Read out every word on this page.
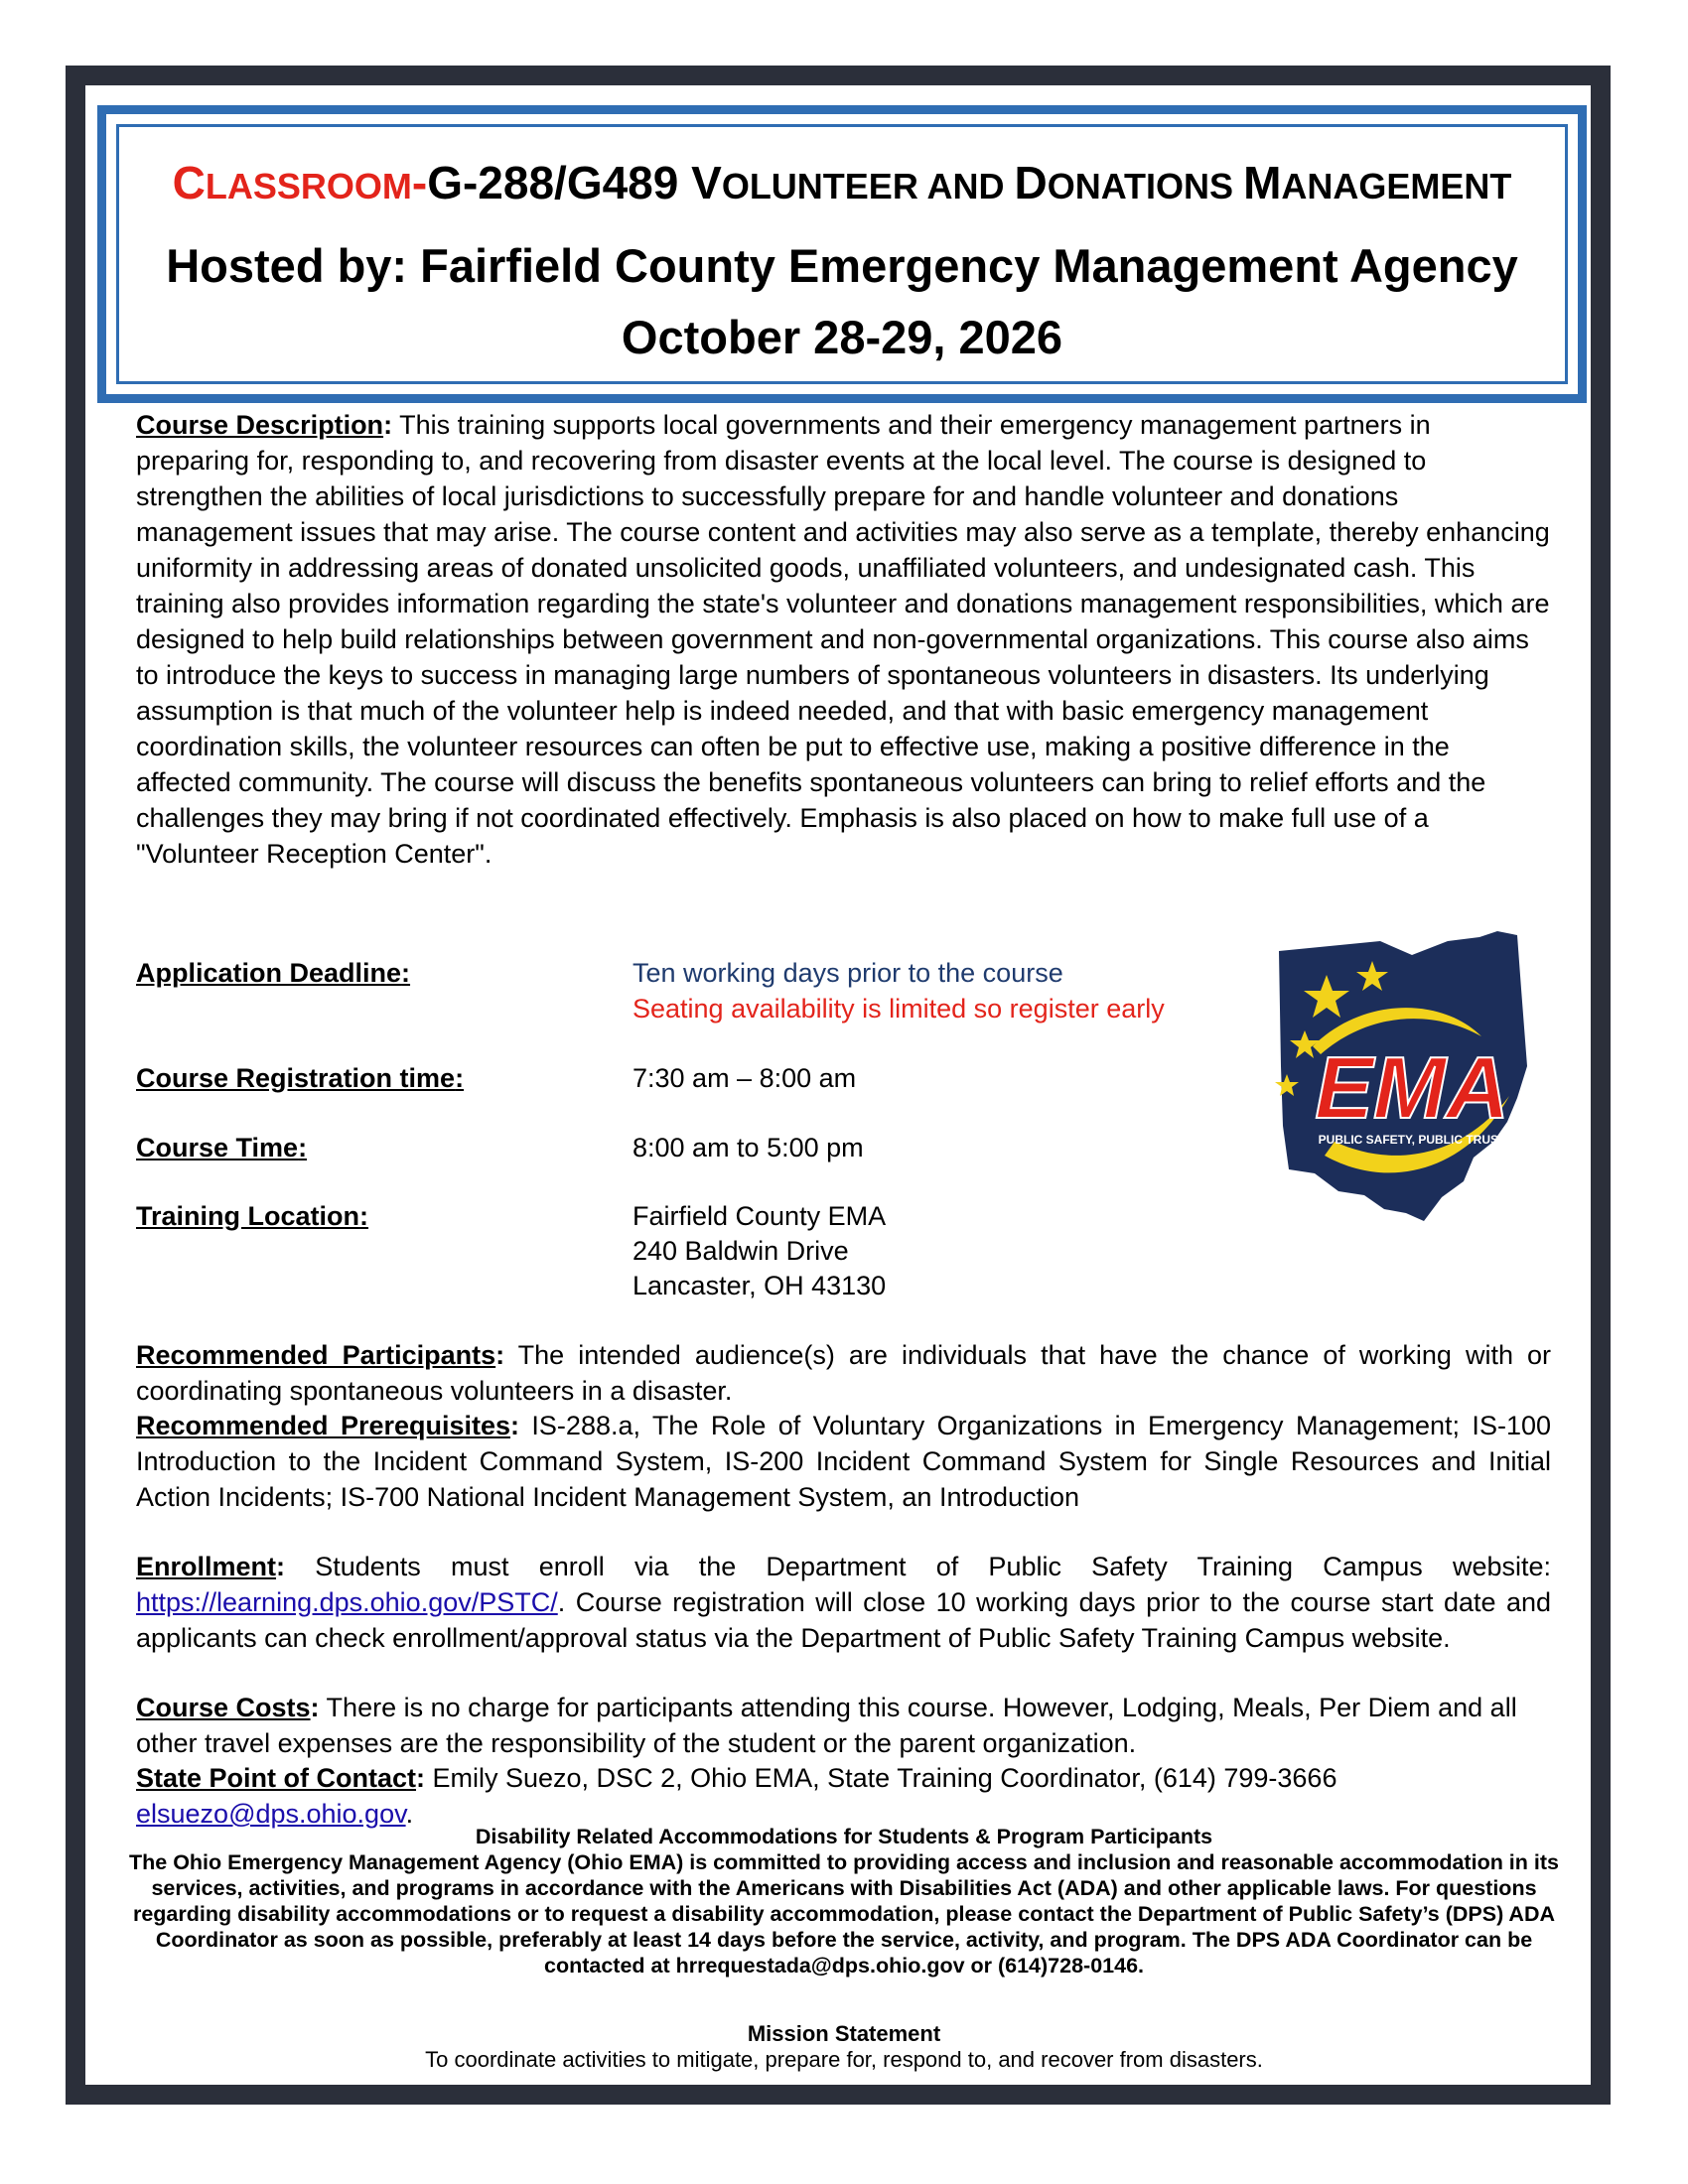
CLASSROOM-G-288/G489 VOLUNTEER AND DONATIONS MANAGEMENT
Hosted by: Fairfield County Emergency Management Agency
October 28-29, 2026
Course Description: This training supports local governments and their emergency management partners in preparing for, responding to, and recovering from disaster events at the local level. The course is designed to strengthen the abilities of local jurisdictions to successfully prepare for and handle volunteer and donations management issues that may arise. The course content and activities may also serve as a template, thereby enhancing uniformity in addressing areas of donated unsolicited goods, unaffiliated volunteers, and undesignated cash. This training also provides information regarding the state's volunteer and donations management responsibilities, which are designed to help build relationships between government and non-governmental organizations. This course also aims to introduce the keys to success in managing large numbers of spontaneous volunteers in disasters. Its underlying assumption is that much of the volunteer help is indeed needed, and that with basic emergency management coordination skills, the volunteer resources can often be put to effective use, making a positive difference in the affected community. The course will discuss the benefits spontaneous volunteers can bring to relief efforts and the challenges they may bring if not coordinated effectively. Emphasis is also placed on how to make full use of a "Volunteer Reception Center".
Application Deadline:	Ten working days prior to the course
Seating availability is limited so register early
Course Registration time:	7:30 am – 8:00 am
Course Time:	8:00 am to 5:00 pm
Training Location:	Fairfield County EMA
240 Baldwin Drive
Lancaster, OH 43130
EMA
PUBLIC SAFETY, PUBLIC TRUST
Recommended Participants: The intended audience(s) are individuals that have the chance of working with or coordinating spontaneous volunteers in a disaster.
Recommended Prerequisites: IS-288.a, The Role of Voluntary Organizations in Emergency Management; IS-100 Introduction to the Incident Command System, IS-200 Incident Command System for Single Resources and Initial Action Incidents; IS-700 National Incident Management System, an Introduction
Enrollment: Students must enroll via the Department of Public Safety Training Campus website: https://learning.dps.ohio.gov/PSTC/. Course registration will close 10 working days prior to the course start date and applicants can check enrollment/approval status via the Department of Public Safety Training Campus website.
Course Costs: There is no charge for participants attending this course. However, Lodging, Meals, Per Diem and all other travel expenses are the responsibility of the student or the parent organization.
State Point of Contact: Emily Suezo, DSC 2, Ohio EMA, State Training Coordinator, (614) 799-3666 elsuezo@dps.ohio.gov.
Disability Related Accommodations for Students & Program Participants
The Ohio Emergency Management Agency (Ohio EMA) is committed to providing access and inclusion and reasonable accommodation in its services, activities, and programs in accordance with the Americans with Disabilities Act (ADA) and other applicable laws. For questions regarding disability accommodations or to request a disability accommodation, please contact the Department of Public Safety’s (DPS) ADA Coordinator as soon as possible, preferably at least 14 days before the service, activity, and program. The DPS ADA Coordinator can be contacted at hrrequestada@dps.ohio.gov or (614)728-0146.
Mission Statement
To coordinate activities to mitigate, prepare for, respond to, and recover from disasters.
